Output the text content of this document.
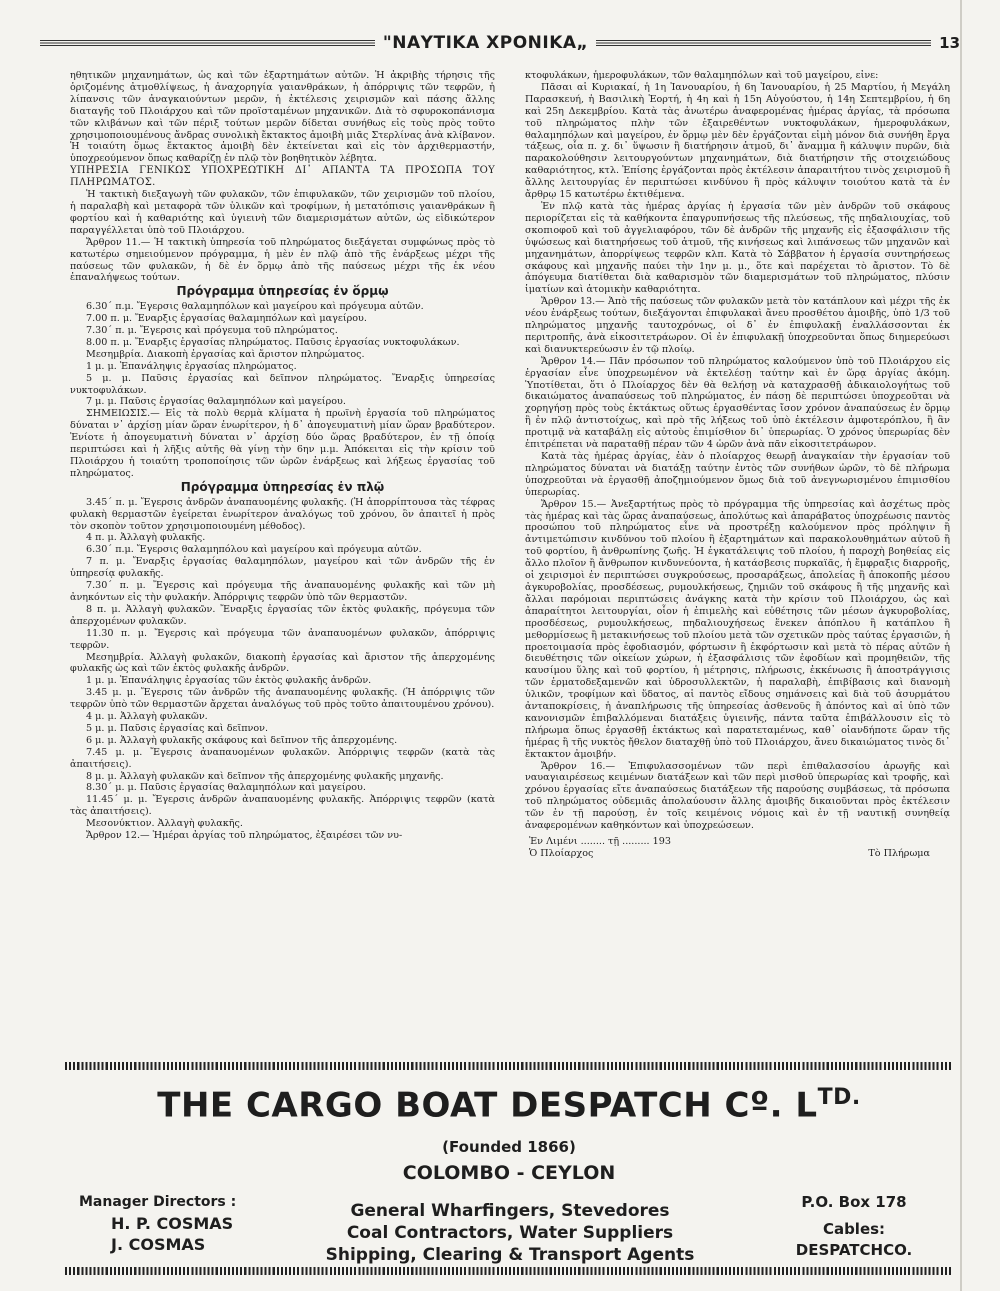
"ΝΑΥΤΙΚΑ ΧΡΟΝΙΚΑ„	13

ηθητικῶν μηχανημάτων, ὡς καὶ τῶν ἐξαρτημάτων αὐτῶν. Ἡ ἀκριβὴς τήρησις τῆς ὁριζομένης ἀτμοθλίψεως, ἡ ἀναχορηγία γαιανθράκων, ἡ ἀπόρριψις τῶν τεφρῶν, ἡ λίπανσις τῶν ἀναγκαιούντων μερῶν, ἡ ἐκτέλεσις χειρισμῶν καὶ πάσης ἄλλης διαταγῆς τοῦ Πλοιάρχου καὶ τῶν προϊσταμένων μηχανικῶν. Διὰ τὸ σφυροκοπάνισμα τῶν κλιβάνων καὶ τῶν πέριξ τούτων μερῶν δίδεται συνήθως εἰς τοὺς πρὸς τοῦτο χρησιμοποιουμένους ἄνδρας συνολικὴ ἔκτακτος ἀμοιβὴ μιᾶς Στερλίνας ἀνὰ κλίβανον. Ἡ τοιαύτη ὅμως ἔκτακτος ἀμοιβὴ δὲν ἐκτείνεται καὶ εἰς τὸν ἀρχιθερμαστήν, ὑποχρεούμενον ὅπως καθαρίζῃ ἐν πλῷ τὸν βοηθητικὸν λέβητα.

ΥΠΗΡΕΣΙΑ ΓΕΝΙΚΩΣ ΥΠΟΧΡΕΩΤΙΚΗ ΔΙ᾿ ΑΠΑΝΤΑ ΤΑ ΠΡΟΣΩΠΑ ΤΟΥ ΠΛΗΡΩΜΑΤΟΣ.

Ἡ τακτικὴ διεξαγωγὴ τῶν φυλακῶν, τῶν ἐπιφυλακῶν, τῶν χειρισμῶν τοῦ πλοίου, ἡ παραλαβὴ καὶ μεταφορὰ τῶν ὑλικῶν καὶ τροφίμων, ἡ μετατόπισις γαιανθράκων ἢ φορτίου καὶ ἡ καθαριότης καὶ ὑγιεινὴ τῶν διαμερισμάτων αὐτῶν, ὡς εἰδικώτερον παραγγέλλεται ὑπὸ τοῦ Πλοιάρχου.

Ἄρθρον 11.— Ἡ τακτικὴ ὑπηρεσία τοῦ πληρώματος διεξάγεται συμφώνως πρὸς τὸ κατωτέρω σημειούμενον πρόγραμμα, ἡ μὲν ἐν πλῷ ἀπὸ τῆς ἐνάρξεως μέχρι τῆς παύσεως τῶν φυλακῶν, ἡ δὲ ἐν ὅρμῳ ἀπὸ τῆς παύσεως μέχρι τῆς ἐκ νέου ἐπαναλήψεως τούτων.

Πρόγραμμα ὑπηρεσίας ἐν ὅρμῳ

6.30΄ π.μ. Ἔγερσις θαλαμηπόλων καὶ μαγείρου καὶ πρόγευμα αὐτῶν.

7.00 π. μ. Ἔναρξις ἐργασίας θαλαμηπόλων καὶ μαγείρου.

7.30΄ π. μ. Ἔγερσις καὶ πρόγευμα τοῦ πληρώματος.

8.00 π. μ. Ἔναρξις ἐργασίας πληρώματος. Παῦσις ἐργασίας νυκτοφυλάκων.

Μεσημβρία. Διακοπὴ ἐργασίας καὶ ἄριστον πληρώματος.

1 μ. μ. Ἐπανάληψις ἐργασίας πληρώματος.

5 μ. μ. Παῦσις ἐργασίας καὶ δεῖπνον πληρώματος. Ἔναρξις ὑπηρεσίας νυκτοφυλάκων.

7 μ. μ. Παῦσις ἐργασίας θαλαμηπόλων καὶ μαγείρου.

ΣΗΜΕΙΩΣΙΣ.— Εἰς τὰ πολὺ θερμὰ κλίματα ἡ πρωϊνὴ ἐργασία τοῦ πληρώματος δύναται ν᾿ ἀρχίσῃ μίαν ὥραν ἐνωρίτερον, ἡ δ᾿ ἀπογευματινὴ μίαν ὥραν βραδύτερον. Ἐνίοτε ἡ ἀπογευματινὴ δύναται ν᾿ ἀρχίσῃ δύο ὥρας βραδύτερον, ἐν τῇ ὁποίᾳ περιπτώσει καὶ ἡ λῆξις αὐτῆς θὰ γίνῃ τὴν 6ην μ.μ. Ἀπόκειται εἰς τὴν κρίσιν τοῦ Πλοιάρχου ἡ τοιαύτη τροποποίησις τῶν ὡρῶν ἐνάρξεως καὶ λήξεως ἐργασίας τοῦ πληρώματος.

Πρόγραμμα ὑπηρεσίας ἐν πλῷ

3.45΄ π. μ. Ἔγερσις ἀνδρῶν ἀναπαυομένης φυλακῆς. (Ἡ ἀπορρίπτουσα τὰς τέφρας φυλακὴ θερμαστῶν ἐγείρεται ἐνωρίτερον ἀναλόγως τοῦ χρόνου, ὃν ἀπαιτεῖ ἡ πρὸς τὸν σκοπὸν τοῦτον χρησιμοποιουμένη μέθοδος).

4 π. μ. Ἀλλαγὴ φυλακῆς.

6.30΄ π.μ. Ἔγερσις θαλαμηπόλου καὶ μαγείρου καὶ πρόγευμα αὐτῶν.

7 π. μ. Ἔναρξις ἐργασίας θαλαμηπόλων, μαγείρου καὶ τῶν ἀνδρῶν τῆς ἐν ὑπηρεσίᾳ φυλακῆς.

7.30΄ π. μ. Ἔγερσις καὶ πρόγευμα τῆς ἀναπαυομένης φυλακῆς καὶ τῶν μὴ ἀνηκόντων εἰς τὴν φυλακήν. Ἀπόρριψις τεφρῶν ὑπὸ τῶν θερμαστῶν.

8 π. μ. Ἀλλαγὴ φυλακῶν. Ἔναρξις ἐργασίας τῶν ἐκτὸς φυλακῆς, πρόγευμα τῶν ἀπερχομένων φυλακῶν.

11.30 π. μ. Ἔγερσις καὶ πρόγευμα τῶν ἀναπαυομένων φυλακῶν, ἀπόρριψις τεφρῶν.

Μεσημβρία. Ἀλλαγὴ φυλακῶν, διακοπὴ ἐργασίας καὶ ἄριστον τῆς ἀπερχομένης φυλακῆς ὡς καὶ τῶν ἐκτὸς φυλακῆς ἀνδρῶν.

1 μ. μ. Ἐπανάληψις ἐργασίας τῶν ἐκτὸς φυλακῆς ἀνδρῶν.

3.45 μ. μ. Ἔγερσις τῶν ἀνδρῶν τῆς ἀναπαυομένης φυλακῆς. (Ἡ ἀπόρριψις τῶν τεφρῶν ὑπὸ τῶν θερμαστῶν ἄρχεται ἀναλόγως τοῦ πρὸς τοῦτο ἀπαιτουμένου χρόνου).

4 μ. μ. Ἀλλαγὴ φυλακῶν.

5 μ. μ. Παῦσις ἐργασίας καὶ δεῖπνον.

6 μ. μ. Ἀλλαγὴ φυλακῆς σκάφους καὶ δεῖπνον τῆς ἀπερχομένης.

7.45 μ. μ. Ἔγερσις ἀναπαυομένων φυλακῶν. Ἀπόρριψις τεφρῶν (κατὰ τὰς ἀπαιτήσεις).

8 μ. μ. Ἀλλαγὴ φυλακῶν καὶ δεῖπνον τῆς ἀπερχομένης φυλακῆς μηχανῆς.

8.30΄ μ. μ. Παῦσις ἐργασίας θαλαμηπόλων καὶ μαγείρου.

11.45΄ μ. μ. Ἔγερσις ἀνδρῶν ἀναπαυομένης φυλακῆς. Ἀπόρριψις τεφρῶν (κατὰ τὰς ἀπαιτήσεις).

Μεσονύκτιον. Ἀλλαγὴ φυλακῆς.

Ἄρθρον 12.— Ἡμέραι ἀργίας τοῦ πληρώματος, ἐξαιρέσει τῶν νυ-

κτοφυλάκων, ἡμεροφυλάκων, τῶν θαλαμηπόλων καὶ τοῦ μαγείρου, εἶνε:

Πᾶσαι αἱ Κυριακαί, ἡ 1η Ἰανουαρίου, ἡ 6η Ἰανουαρίου, ἡ 25 Μαρτίου, ἡ Μεγάλη Παρασκευή, ἡ Βασιλικὴ Ἑορτή, ἡ 4η καὶ ἡ 15η Αὐγούστου, ἡ 14η Σεπτεμβρίου, ἡ 6η καὶ 25η Δεκεμβρίου. Κατὰ τὰς ἀνωτέρω ἀναφερομένας ἡμέρας ἀργίας, τὰ πρόσωπα τοῦ πληρώματος πλὴν τῶν ἐξαιρεθέντων νυκτοφυλάκων, ἡμεροφυλάκων, θαλαμηπόλων καὶ μαγείρου, ἐν ὅρμῳ μὲν δὲν ἐργάζονται εἰμὴ μόνον διὰ συνήθη ἔργα τάξεως, οἷα π. χ. δι᾿ ὕψωσιν ἢ διατήρησιν ἀτμοῦ, δι᾿ ἄναμμα ἢ κάλυψιν πυρῶν, διὰ παρακολούθησιν λειτουργούντων μηχανημάτων, διὰ διατήρησιν τῆς στοιχειώδους καθαριότητος, κτλ. Ἐπίσης ἐργάζονται πρὸς ἐκτέλεσιν ἀπαραιτήτου τινὸς χειρισμοῦ ἢ ἄλλης λειτουργίας ἐν περιπτώσει κινδύνου ἢ πρὸς κάλυψιν τοιούτου κατὰ τὰ ἐν ἄρθρῳ 15 κατωτέρω ἐκτιθέμενα.

Ἐν πλῷ κατὰ τὰς ἡμέρας ἀργίας ἡ ἐργασία τῶν μὲν ἀνδρῶν τοῦ σκάφους περιορίζεται εἰς τὰ καθήκοντα ἐπαγρυπνήσεως τῆς πλεύσεως, τῆς πηδαλιουχίας, τοῦ σκοπιοφοῦ καὶ τοῦ ἀγγελιαφόρου, τῶν δὲ ἀνδρῶν τῆς μηχανῆς εἰς ἐξασφάλισιν τῆς ὑψώσεως καὶ διατηρήσεως τοῦ ἀτμοῦ, τῆς κινήσεως καὶ λιπάνσεως τῶν μηχανῶν καὶ μηχανημάτων, ἀπορρίψεως τεφρῶν κλπ. Κατὰ τὸ Σάββατον ἡ ἐργασία συντηρήσεως σκάφους καὶ μηχανῆς παύει τὴν 1ην μ. μ., ὅτε καὶ παρέχεται τὸ ἄριστον. Τὸ δὲ ἀπόγευμα διατίθεται διὰ καθαρισμὸν τῶν διαμερισμάτων τοῦ πληρώματος, πλύσιν ἱματίων καὶ ἀτομικὴν καθαριότητα.

Ἄρθρον 13.— Ἀπὸ τῆς παύσεως τῶν φυλακῶν μετὰ τὸν κατάπλουν καὶ μέχρι τῆς ἐκ νέου ἐνάρξεως τούτων, διεξάγονται ἐπιφυλακαὶ ἄνευ προσθέτου ἀμοιβῆς, ὑπὸ 1/3 τοῦ πληρώματος μηχανῆς ταυτοχρόνως, οἱ δ᾿ ἐν ἐπιφυλακῇ ἐναλλάσσονται ἐκ περιτροπῆς, ἀνὰ εἰκοσιτετράωρον. Οἱ ἐν ἐπιφυλακῇ ὑποχρεοῦνται ὅπως διημερεύωσι καὶ διανυκτερεύωσιν ἐν τῷ πλοίῳ.

Ἄρθρον 14.— Πᾶν πρόσωπον τοῦ πληρώματος καλούμενον ὑπὸ τοῦ Πλοιάρχου εἰς ἐργασίαν εἶνε ὑποχρεωμένον νὰ ἐκτελέσῃ ταύτην καὶ ἐν ὥρᾳ ἀργίας ἀκόμη. Ὑποτίθεται, ὅτι ὁ Πλοίαρχος δὲν θὰ θελήσῃ νὰ καταχρασθῇ ἀδικαιολογήτως τοῦ δικαιώματος ἀναπαύσεως τοῦ πληρώματος, ἐν πάσῃ δὲ περιπτώσει ὑποχρεοῦται νὰ χορηγήσῃ πρὸς τοὺς ἐκτάκτως οὕτως ἐργασθέντας ἴσον χρόνον ἀναπαύσεως ἐν ὅρμῳ ἢ ἐν πλῷ ἀντιστοίχως, καὶ πρὸ τῆς λήξεως τοῦ ὑπὸ ἐκτέλεσιν ἀμφοτερόπλου, ἢ ἂν προτιμᾷ νὰ καταβάλῃ εἰς αὐτοὺς ἐπιμίσθιον δι᾿ ὑπερωρίας. Ὁ χρόνος ὑπερωρίας δὲν ἐπιτρέπεται νὰ παραταθῇ πέραν τῶν 4 ὡρῶν ἀνὰ πᾶν εἰκοσιτετράωρον.

Κατὰ τὰς ἡμέρας ἀργίας, ἐὰν ὁ πλοίαρχος θεωρῇ ἀναγκαίαν τὴν ἐργασίαν τοῦ πληρώματος δύναται νὰ διατάξῃ ταύτην ἐντὸς τῶν συνήθων ὡρῶν, τὸ δὲ πλήρωμα ὑποχρεοῦται νὰ ἐργασθῇ ἀποζημιούμενον ὅμως διὰ τοῦ ἀνεγνωρισμένου ἐπιμισθίου ὑπερωρίας.

Ἄρθρον 15.— Ἀνεξαρτήτως πρὸς τὸ πρόγραμμα τῆς ὑπηρεσίας καὶ ἀσχέτως πρὸς τὰς ἡμέρας καὶ τὰς ὥρας ἀναπαύσεως, ἀπολύτως καὶ ἀπαράβατος ὑποχρέωσις παντὸς προσώπου τοῦ πληρώματος εἶνε νὰ προστρέξῃ καλούμενον πρὸς πρόληψιν ἢ ἀντιμετώπισιν κινδύνου τοῦ πλοίου ἢ ἐξαρτημάτων καὶ παρακολουθημάτων αὐτοῦ ἢ τοῦ φορτίου, ἢ ἀνθρωπίνης ζωῆς. Ἡ ἐγκατάλειψις τοῦ πλοίου, ἡ παροχὴ βοηθείας εἰς ἄλλο πλοῖον ἢ ἄνθρωπον κινδυνεύοντα, ἡ κατάσβεσις πυρκαϊᾶς, ἡ ἔμφραξις διαρροῆς, οἱ χειρισμοὶ ἐν περιπτώσει συγκρούσεως, προσαράξεως, ἀπολείας ἢ ἀποκοπῆς μέσου ἀγκυροβολίας, προσδέσεως, ρυμουλκήσεως, ζημιῶν τοῦ σκάφους ἢ τῆς μηχανῆς καὶ ἄλλαι παρόμοιαι περιπτώσεις ἀνάγκης κατὰ τὴν κρίσιν τοῦ Πλοιάρχου, ὡς καὶ ἀπαραίτητοι λειτουργίαι, οἷον ἡ ἐπιμελὴς καὶ εὐθέτησις τῶν μέσων ἀγκυροβολίας, προσδέσεως, ρυμουλκήσεως, πηδαλιουχήσεως ἕνεκεν ἀπόπλου ἢ κατάπλου ἢ μεθορμίσεως ἢ μετακινήσεως τοῦ πλοίου μετὰ τῶν σχετικῶν πρὸς ταύτας ἐργασιῶν, ἡ προετοιμασία πρὸς ἐφοδιασμόν, φόρτωσιν ἢ ἐκφόρτωσιν καὶ μετὰ τὸ πέρας αὐτῶν ἡ διευθέτησις τῶν οἰκείων χώρων, ἡ ἐξασφάλισις τῶν ἐφοδίων καὶ προμηθειῶν, τῆς καυσίμου ὕλης καὶ τοῦ φορτίου, ἡ μέτρησις, πλήρωσις, ἐκκένωσις ἢ ἀποστράγγισις τῶν ἐρματοδεξαμενῶν καὶ ὑδροσυλλεκτῶν, ἡ παραλαβὴ, ἐπιβίβασις καὶ διανομὴ ὑλικῶν, τροφίμων καὶ ὕδατος, αἱ παντὸς εἴδους σημάνσεις καὶ διὰ τοῦ ἀσυρμάτου ἀνταποκρίσεις, ἡ ἀναπλήρωσις τῆς ὑπηρεσίας ἀσθενοῦς ἢ ἀπόντος καὶ αἱ ὑπὸ τῶν κανονισμῶν ἐπιβαλλόμεναι διατάξεις ὑγιεινῆς, πάντα ταῦτα ἐπιβάλλουσιν εἰς τὸ πλήρωμα ὅπως ἐργασθῇ ἐκτάκτως καὶ παρατεταμένως, καθ᾿ οἱανδήποτε ὥραν τῆς ἡμέρας ἢ τῆς νυκτὸς ἤθελον διαταχθῇ ὑπὸ τοῦ Πλοιάρχου, ἄνευ δικαιώματος τινὸς δι᾿ ἔκτακτον ἀμοιβήν.

Ἄρθρον 16.— Ἐπιφυλασσομένων τῶν περὶ ἐπιθαλασσίου ἀρωγῆς καὶ ναυαγιαιρέσεως κειμένων διατάξεων καὶ τῶν περὶ μισθοῦ ὑπερωρίας καὶ τροφῆς, καὶ χρόνου ἐργασίας εἴτε ἀναπαύσεως διατάξεων τῆς παρούσης συμβάσεως, τὰ πρόσωπα τοῦ πληρώματος οὐδεμιᾶς ἀπολαύουσιν ἄλλης ἀμοιβῆς δικαιοῦνται πρὸς ἐκτέλεσιν τῶν ἐν τῇ παρούσῃ, ἐν τοῖς κειμένοις νόμοις καὶ ἐν τῇ ναυτικῇ συνηθείᾳ ἀναφερομένων καθηκόντων καὶ ὑποχρεώσεων.

Ἐν Λιμένι ........ τῇ ......... 193
Ὁ Πλοίαρχος	Τὸ Πλήρωμα
THE CARGO BOAT DESPATCH Cº. $L^{TD.}$
(Founded 1866)
COLOMBO - CEYLON
Manager Directors :
H. P. COSMAS
J. COSMAS
General Wharfingers, Stevedores
Coal Contractors, Water Suppliers
Shipping, Clearing & Transport Agents
P.O. Box 178
Cables:
DESPATCHCO.
